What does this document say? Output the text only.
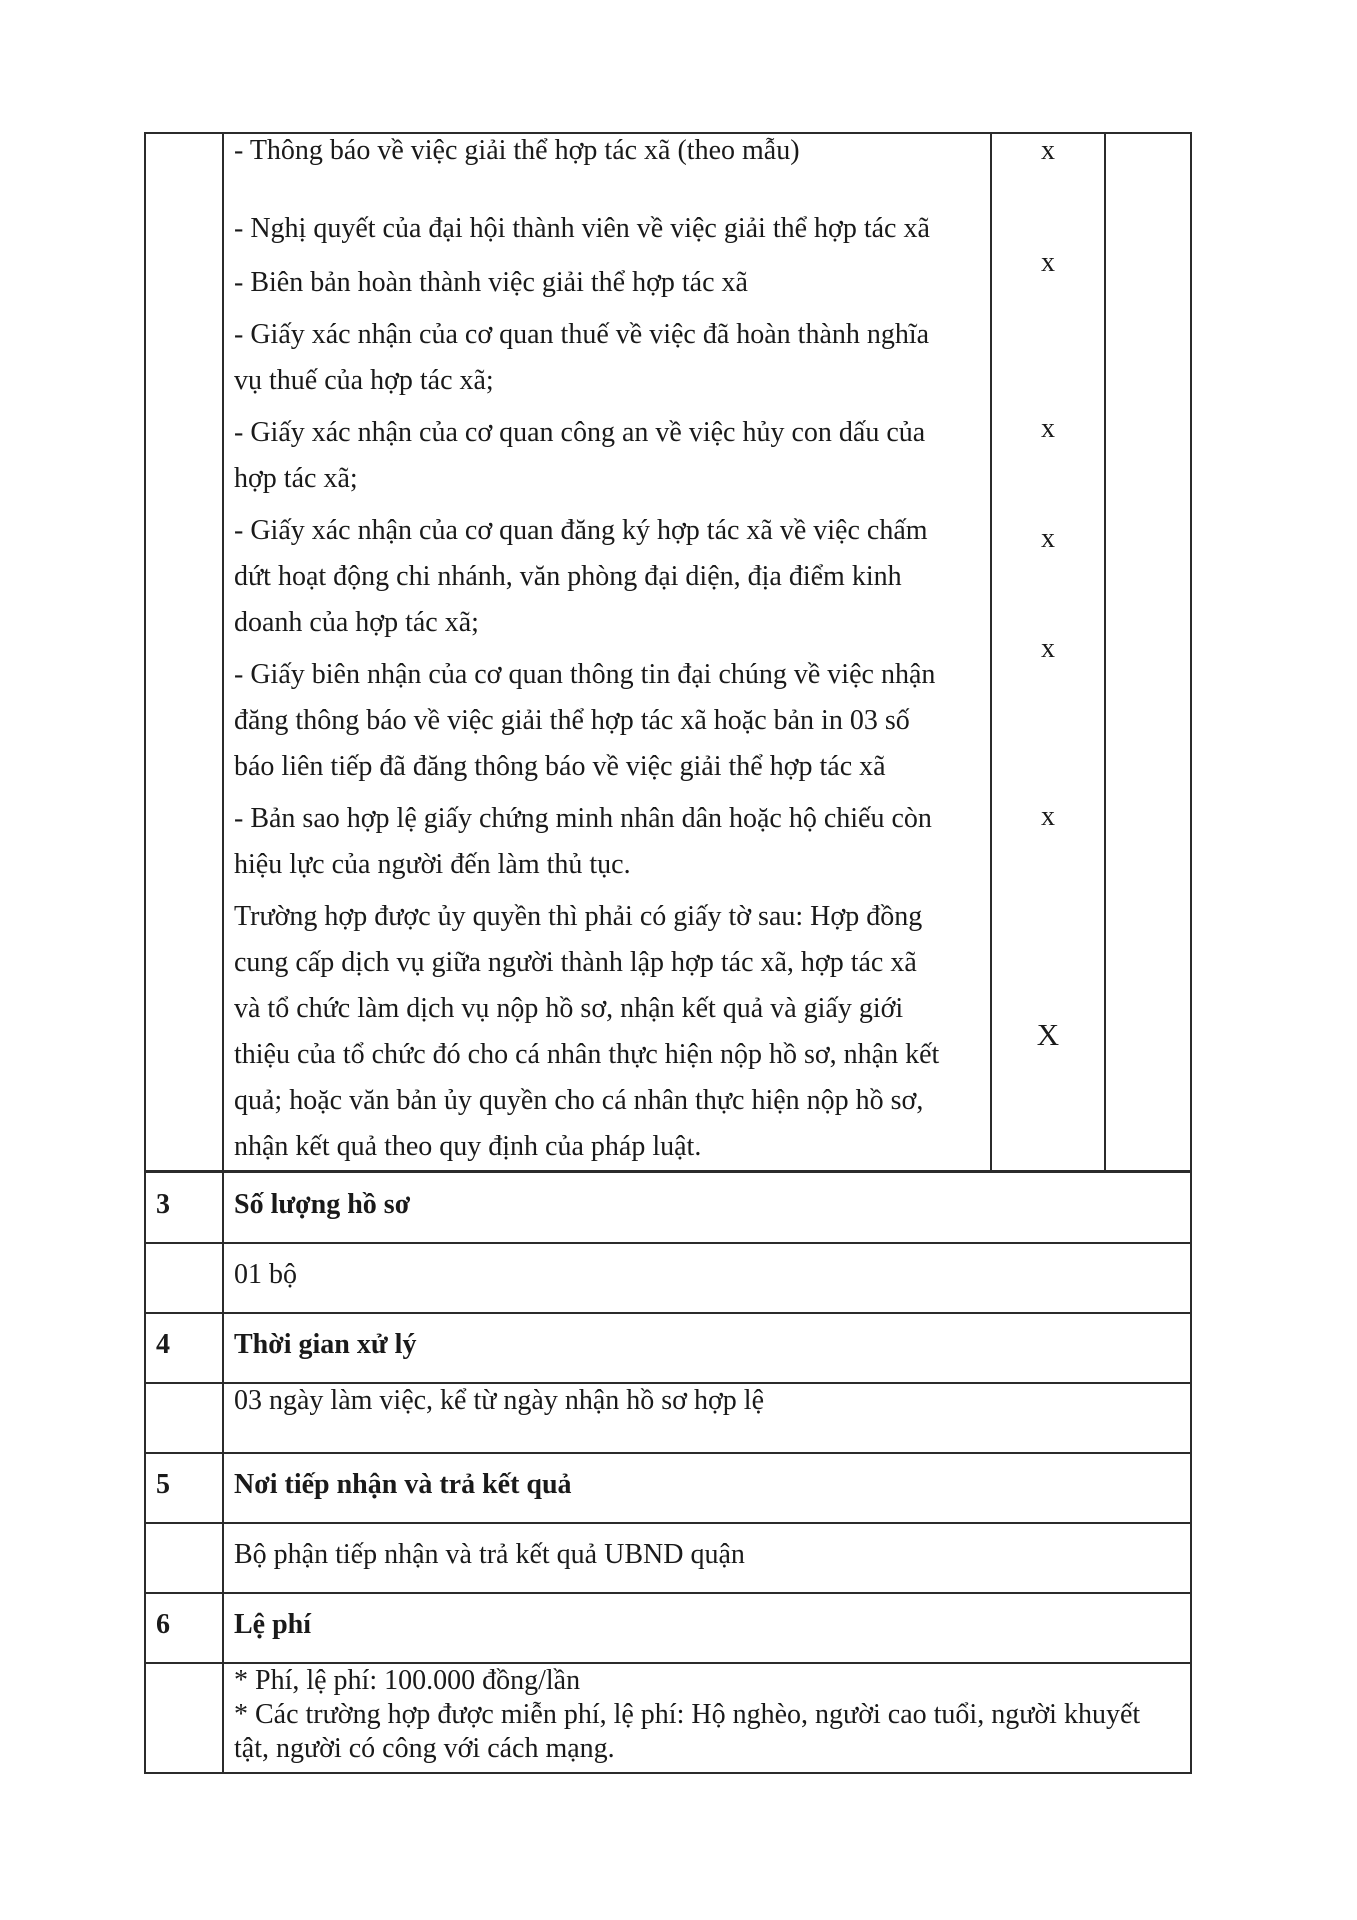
- Thông báo về việc giải thể hợp tác xã (theo mẫu)
- Nghị quyết của đại hội thành viên về việc giải thể hợp tác xã
- Biên bản hoàn thành việc giải thể hợp tác xã
- Giấy xác nhận của cơ quan thuế về việc đã hoàn thành nghĩa
vụ thuế của hợp tác xã;
- Giấy xác nhận của cơ quan công an về việc hủy con dấu của
hợp tác xã;
- Giấy xác nhận của cơ quan đăng ký hợp tác xã về việc chấm
dứt hoạt động chi nhánh, văn phòng đại diện, địa điểm kinh
doanh của hợp tác xã;
- Giấy biên nhận của cơ quan thông tin đại chúng về việc nhận
đăng thông báo về việc giải thể hợp tác xã hoặc bản in 03 số
báo liên tiếp đã đăng thông báo về việc giải thể hợp tác xã
- Bản sao hợp lệ giấy chứng minh nhân dân hoặc hộ chiếu còn
hiệu lực của người đến làm thủ tục.
Trường hợp được ủy quyền thì phải có giấy tờ sau: Hợp đồng
cung cấp dịch vụ giữa người thành lập hợp tác xã, hợp tác xã
và tổ chức làm dịch vụ nộp hồ sơ, nhận kết quả và giấy giới
thiệu của tổ chức đó cho cá nhân thực hiện nộp hồ sơ, nhận kết
quả; hoặc văn bản ủy quyền cho cá nhân thực hiện nộp hồ sơ,
nhận kết quả theo quy định của pháp luật.
x
x
x
x
x
x
X
3 Số lượng hồ sơ
01 bộ
4 Thời gian xử lý
03 ngày làm việc, kể từ ngày nhận hồ sơ hợp lệ
5 Nơi tiếp nhận và trả kết quả
Bộ phận tiếp nhận và trả kết quả UBND quận
6 Lệ phí
* Phí, lệ phí: 100.000 đồng/lần
* Các trường hợp được miễn phí, lệ phí: Hộ nghèo, người cao tuổi, người khuyết
tật, người có công với cách mạng.
